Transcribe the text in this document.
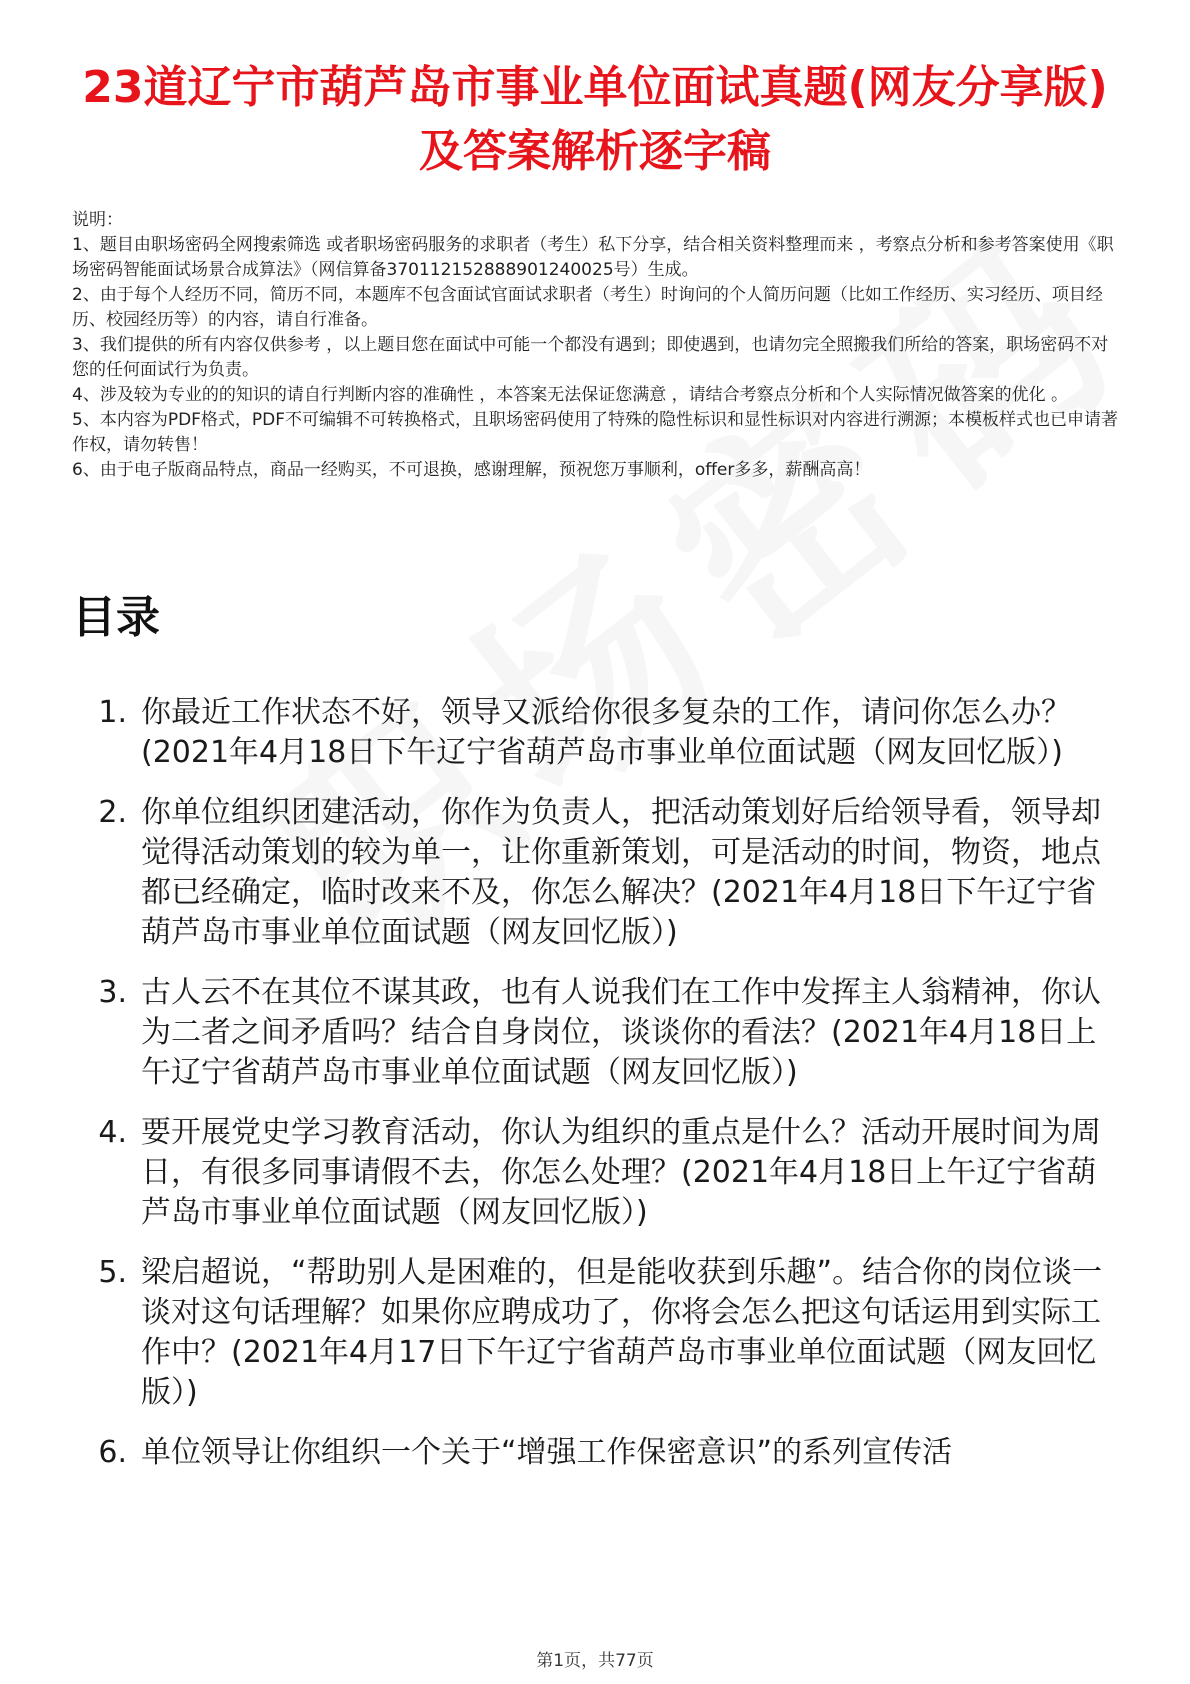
23道辽宁市葫芦岛市事业单位面试真题(网友分享版)及答案解析逐字稿

说明：

1、题目由职场密码全网搜索筛选 或者职场密码服务的求职者（考生）私下分享，结合相关资料整理而来 ，考察点分析和参考答案使用《职场密码智能面试场景合成算法》（网信算备370112152888901240025号）生成。

2、由于每个人经历不同，简历不同，本题库不包含面试官面试求职者（考生）时询问的个人简历问题（比如工作经历、实习经历、项目经历、校园经历等）的内容，请自行准备。

3、我们提供的所有内容仅供参考 ，以上题目您在面试中可能一个都没有遇到；即使遇到，也请勿完全照搬我们所给的答案，职场密码不对您的任何面试行为负责。

4、涉及较为专业的的知识的请自行判断内容的准确性 ，本答案无法保证您满意 ，请结合考察点分析和个人实际情况做答案的优化 。

5、本内容为PDF格式，PDF不可编辑不可转换格式，且职场密码使用了特殊的隐性标识和显性标识对内容进行溯源；本模板样式也已申请著作权，请勿转售！

6、由于电子版商品特点，商品一经购买，不可退换，感谢理解，预祝您万事顺利，offer多多，薪酬高高！

目录
1. 你最近工作状态不好，领导又派给你很多复杂的工作，请问你怎么办？(2021年4月18日下午辽宁省葫芦岛市事业单位面试题（网友回忆版）)
2. 你单位组织团建活动，你作为负责人，把活动策划好后给领导看，领导却觉得活动策划的较为单一，让你重新策划，可是活动的时间，物资，地点都已经确定，临时改来不及，你怎么解决？(2021年4月18日下午辽宁省葫芦岛市事业单位面试题（网友回忆版）)
3. 古人云不在其位不谋其政，也有人说我们在工作中发挥主人翁精神，你认为二者之间矛盾吗？结合自身岗位，谈谈你的看法？(2021年4月18日上午辽宁省葫芦岛市事业单位面试题（网友回忆版）)
4. 要开展党史学习教育活动，你认为组织的重点是什么？活动开展时间为周日，有很多同事请假不去，你怎么处理？(2021年4月18日上午辽宁省葫芦岛市事业单位面试题（网友回忆版）)
5. 梁启超说，“帮助别人是困难的，但是能收获到乐趣”。结合你的岗位谈一谈对这句话理解？如果你应聘成功了，你将会怎么把这句话运用到实际工作中？(2021年4月17日下午辽宁省葫芦岛市事业单位面试题（网友回忆版）)
6. 单位领导让你组织一个关于“增强工作保密意识”的系列宣传活
第1页，共77页
